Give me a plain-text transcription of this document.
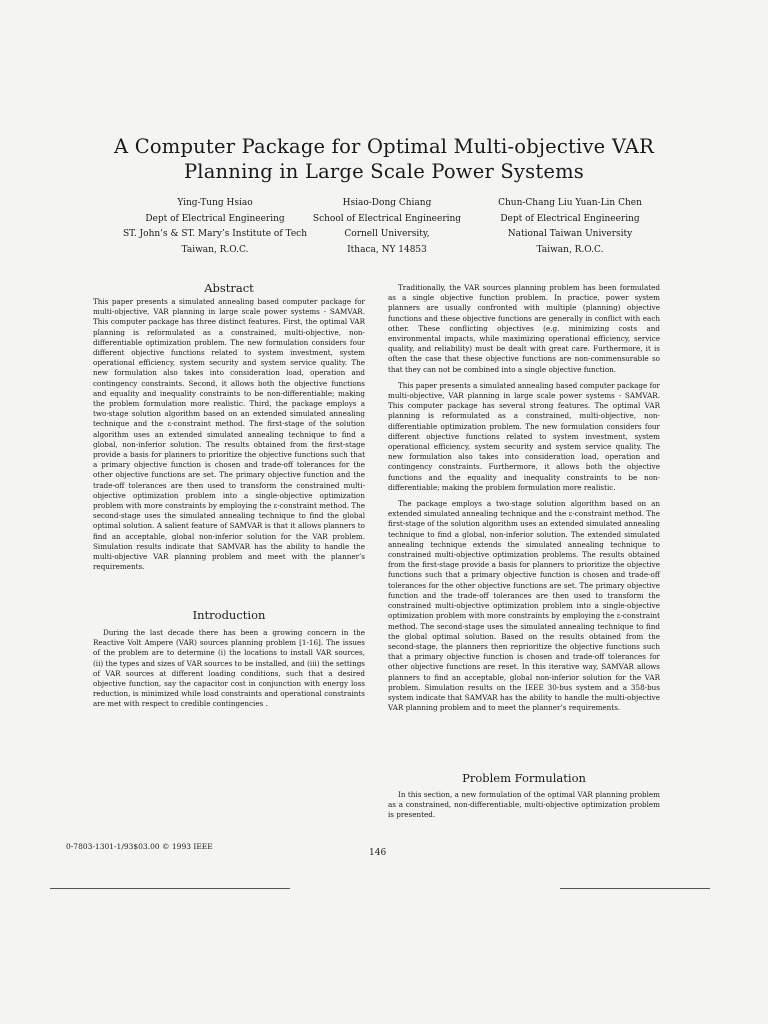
A Computer Package for Optimal Multi-objective VAR
Planning in Large Scale Power Systems
Ying-Tung Hsiao
Dept of Electrical Engineering
ST. John’s & ST. Mary’s Institute of Tech
Taiwan, R.O.C.
Hsiao-Dong Chiang
School of Electrical Engineering
Cornell University,
Ithaca, NY 14853
Chun-Chang Liu Yuan-Lin Chen
Dept of Electrical Engineering
National Taiwan University
Taiwan, R.O.C.
Abstract

This paper presents a simulated annealing based computer package for multi-objective, VAR planning in large scale power systems - SAMVAR. This computer package has three distinct features. First, the optimal VAR planning is reformulated as a constrained, multi-objective, non-differentiable optimization problem. The new formulation considers four different objective functions related to system investment, system operational efficiency, system security and system service quality. The new formulation also takes into consideration load, operation and contingency constraints. Second, it allows both the objective functions and equality and inequality constraints to be non-differentiable; making the problem formulation more realistic. Third, the package employs a two-stage solution algorithm based on an extended simulated annealing technique and the ε-constraint method. The first-stage of the solution algorithm uses an extended simulated annealing technique to find a global, non-inferior solution. The results obtained from the first-stage provide a basis for planners to prioritize the objective functions such that a primary objective function is chosen and trade-off tolerances for the other objective functions are set. The primary objective function and the trade-off tolerances are then used to transform the constrained multi-objective optimization problem into a single-objective optimization problem with more constraints by employing the ε-constraint method. The second-stage uses the simulated annealing technique to find the global optimal solution. A salient feature of SAMVAR is that it allows planners to find an acceptable, global non-inferior solution for the VAR problem. Simulation results indicate that SAMVAR has the ability to handle the multi-objective VAR planning problem and meet with the planner’s requirements.

Introduction

During the last decade there has been a growing concern in the Reactive Volt Ampere (VAR) sources planning problem [1-16]. The issues of the problem are to determine (i) the locations to install VAR sources, (ii) the types and sizes of VAR sources to be installed, and (iii) the settings of VAR sources at different loading conditions, such that a desired objective function, say the capacitor cost in conjunction with energy loss reduction, is minimized while load constraints and operational constraints are met with respect to credible contingencies .

Traditionally, the VAR sources planning problem has been formulated as a single objective function problem. In practice, power system planners are usually confronted with multiple (planning) objective functions and these objective functions are generally in conflict with each other. These conflicting objectives (e.g. minimizing costs and environmental impacts, while maximizing operational efficiency, service quality, and reliability) must be dealt with great care. Furthermore, it is often the case that these objective functions are non-commensurable so that they can not be combined into a single objective function.

This paper presents a simulated annealing based computer package for multi-objective, VAR planning in large scale power systems - SAMVAR. This computer package has several strong features. The optimal VAR planning is reformulated as a constrained, multi-objective, non-differentiable optimization problem. The new formulation considers four different objective functions related to system investment, system operational efficiency, system security and system service quality. The new formulation also takes into consideration load, operation and contingency constraints. Furthermore, it allows both the objective functions and the equality and inequality constraints to be non-differentiable; making the problem formulation more realistic.

The package employs a two-stage solution algorithm based on an extended simulated annealing technique and the ε-constraint method. The first-stage of the solution algorithm uses an extended simulated annealing technique to find a global, non-inferior solution. The extended simulated annealing technique extends the simulated annealing technique to constrained multi-objective optimization problems. The results obtained from the first-stage provide a basis for planners to prioritize the objective functions such that a primary objective function is chosen and trade-off tolerances for the other objective functions are set. The primary objective function and the trade-off tolerances are then used to transform the constrained multi-objective optimization problem into a single-objective optimization problem with more constraints by employing the ε-constraint method. The second-stage uses the simulated annealing technique to find the global optimal solution. Based on the results obtained from the second-stage, the planners then reprioritize the objective functions such that a primary objective function is chosen and trade-off tolerances for other objective functions are reset. In this iterative way, SAMVAR allows planners to find an acceptable, global non-inferior solution for the VAR problem. Simulation results on the IEEE 30-bus system and a 358-bus system indicate that SAMVAR has the ability to handle the multi-objective VAR planning problem and to meet the planner’s requirements.

Problem Formulation

In this section, a new formulation of the optimal VAR planning problem as a constrained, non-differentiable, multi-objective optimization problem is presented.

0-7803-1301-1/93$03.00 © 1993 IEEE
146
